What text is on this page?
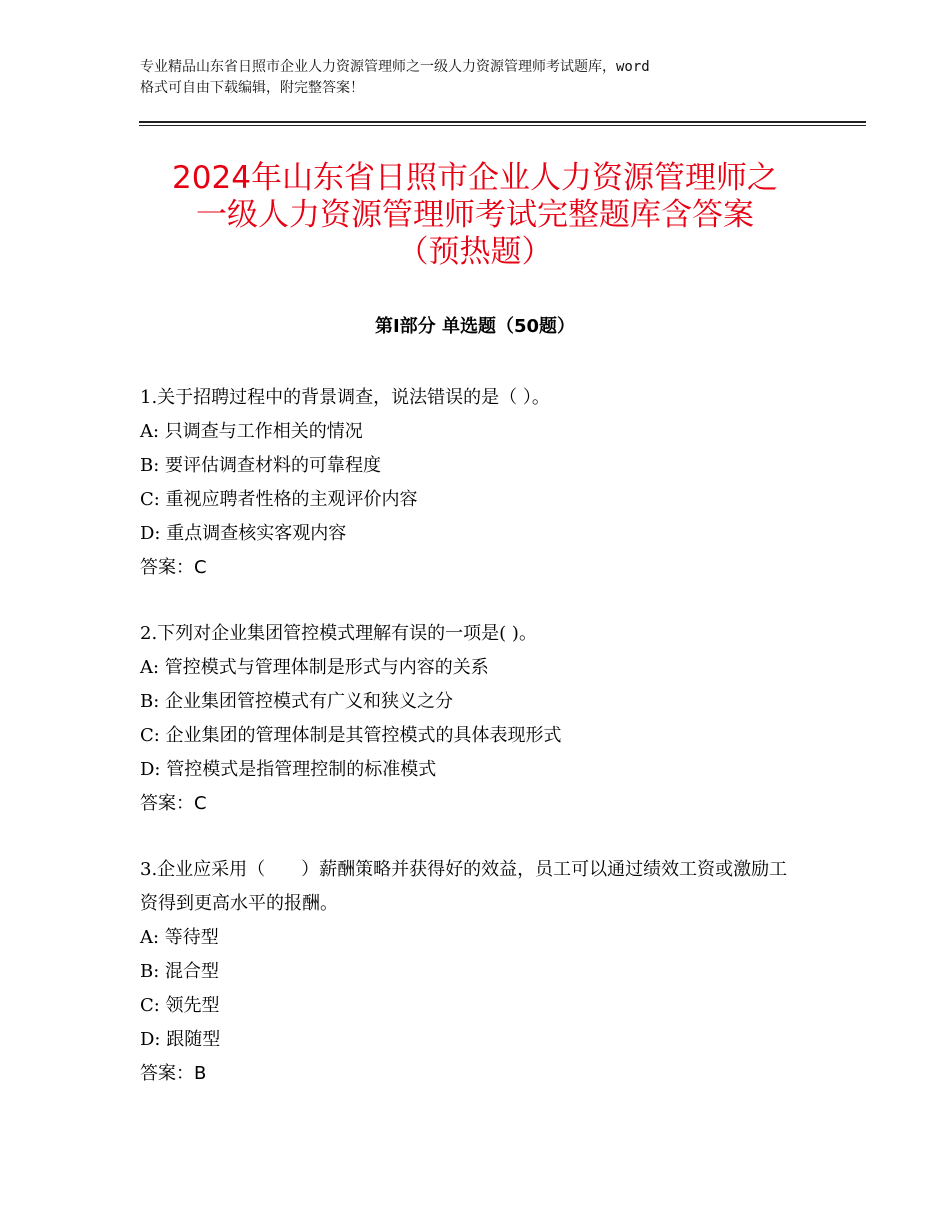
专业精品山东省日照市企业人力资源管理师之一级人力资源管理师考试题库，word
格式可自由下载编辑，附完整答案！
2024年山东省日照市企业人力资源管理师之
一级人力资源管理师考试完整题库含答案
（预热题）
第Ⅰ部分 单选题（50题）
1.关于招聘过程中的背景调查，说法错误的是（ ）。
A: 只调查与工作相关的情况
B: 要评估调查材料的可靠程度
C: 重视应聘者性格的主观评价内容
D: 重点调查核实客观内容
答案：C
2.下列对企业集团管控模式理解有误的一项是( )。
A: 管控模式与管理体制是形式与内容的关系
B: 企业集团管控模式有广义和狭义之分
C: 企业集团的管理体制是其管控模式的具体表现形式
D: 管控模式是指管理控制的标准模式
答案：C
3.企业应采用（　　）薪酬策略并获得好的效益，员工可以通过绩效工资或激励工资得到更高水平的报酬。
A: 等待型
B: 混合型
C: 领先型
D: 跟随型
答案：B
